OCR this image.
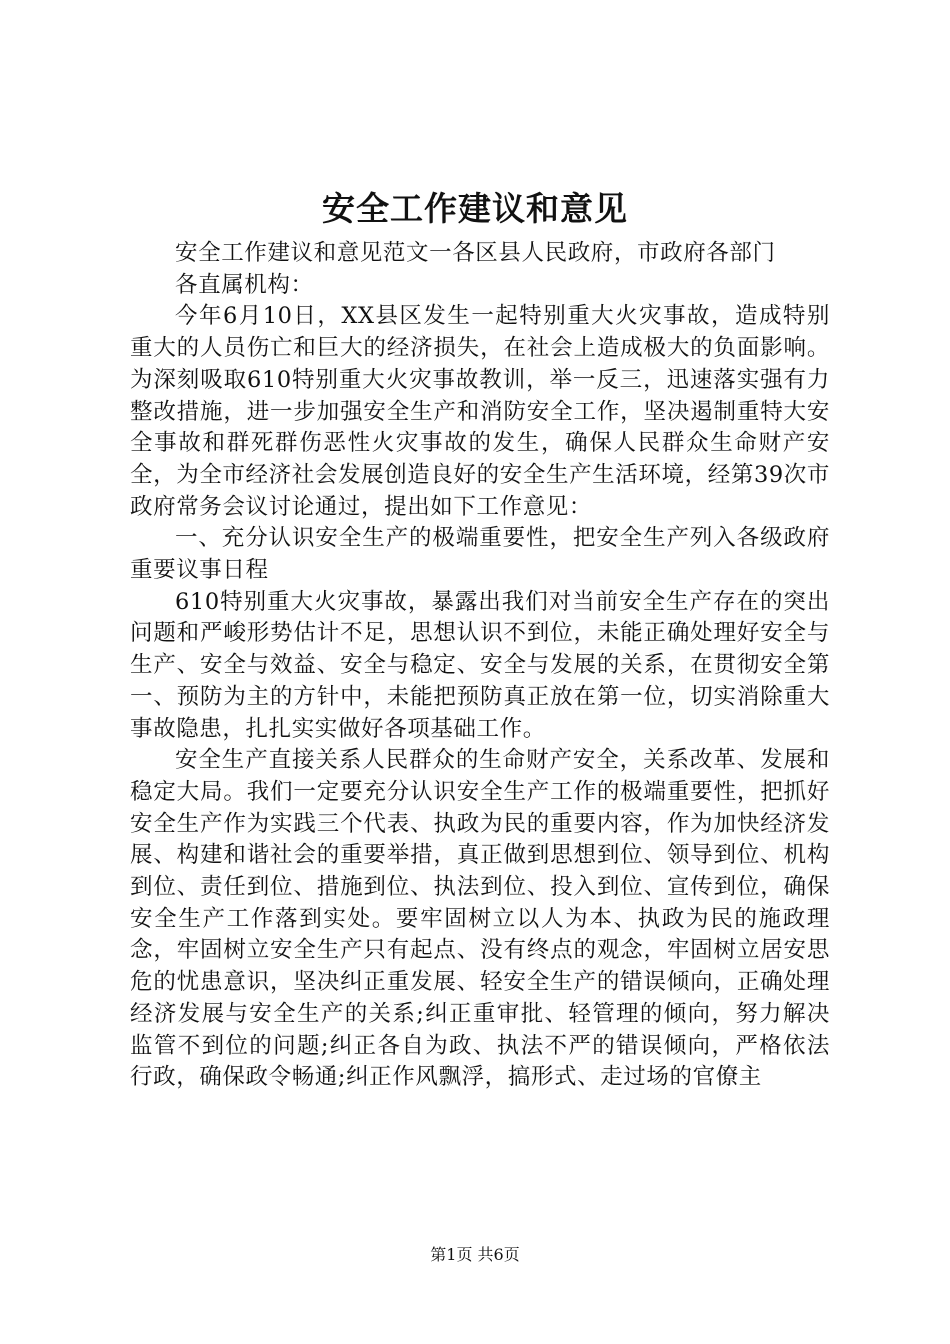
安全工作建议和意见

安全工作建议和意见范文一各区县人民政府，市政府各部门

各直属机构：

今年6月10日，XX县区发生一起特别重大火灾事故，造成特别重大的人员伤亡和巨大的经济损失，在社会上造成极大的负面影响。为深刻吸取610特别重大火灾事故教训，举一反三，迅速落实强有力整改措施，进一步加强安全生产和消防安全工作，坚决遏制重特大安全事故和群死群伤恶性火灾事故的发生，确保人民群众生命财产安全，为全市经济社会发展创造良好的安全生产生活环境，经第39次市政府常务会议讨论通过，提出如下工作意见：

一、充分认识安全生产的极端重要性，把安全生产列入各级政府重要议事日程

610特别重大火灾事故，暴露出我们对当前安全生产存在的突出问题和严峻形势估计不足，思想认识不到位，未能正确处理好安全与生产、安全与效益、安全与稳定、安全与发展的关系，在贯彻安全第一、预防为主的方针中，未能把预防真正放在第一位，切实消除重大事故隐患，扎扎实实做好各项基础工作。

安全生产直接关系人民群众的生命财产安全，关系改革、发展和稳定大局。我们一定要充分认识安全生产工作的极端重要性，把抓好安全生产作为实践三个代表、执政为民的重要内容，作为加快经济发展、构建和谐社会的重要举措，真正做到思想到位、领导到位、机构到位、责任到位、措施到位、执法到位、投入到位、宣传到位，确保安全生产工作落到实处。要牢固树立以人为本、执政为民的施政理念，牢固树立安全生产只有起点、没有终点的观念，牢固树立居安思危的忧患意识，坚决纠正重发展、轻安全生产的错误倾向，正确处理经济发展与安全生产的关系;纠正重审批、轻管理的倾向，努力解决监管不到位的问题;纠正各自为政、执法不严的错误倾向，严格依法行政，确保政令畅通;纠正作风飘浮，搞形式、走过场的官僚主

第1页 共6页
